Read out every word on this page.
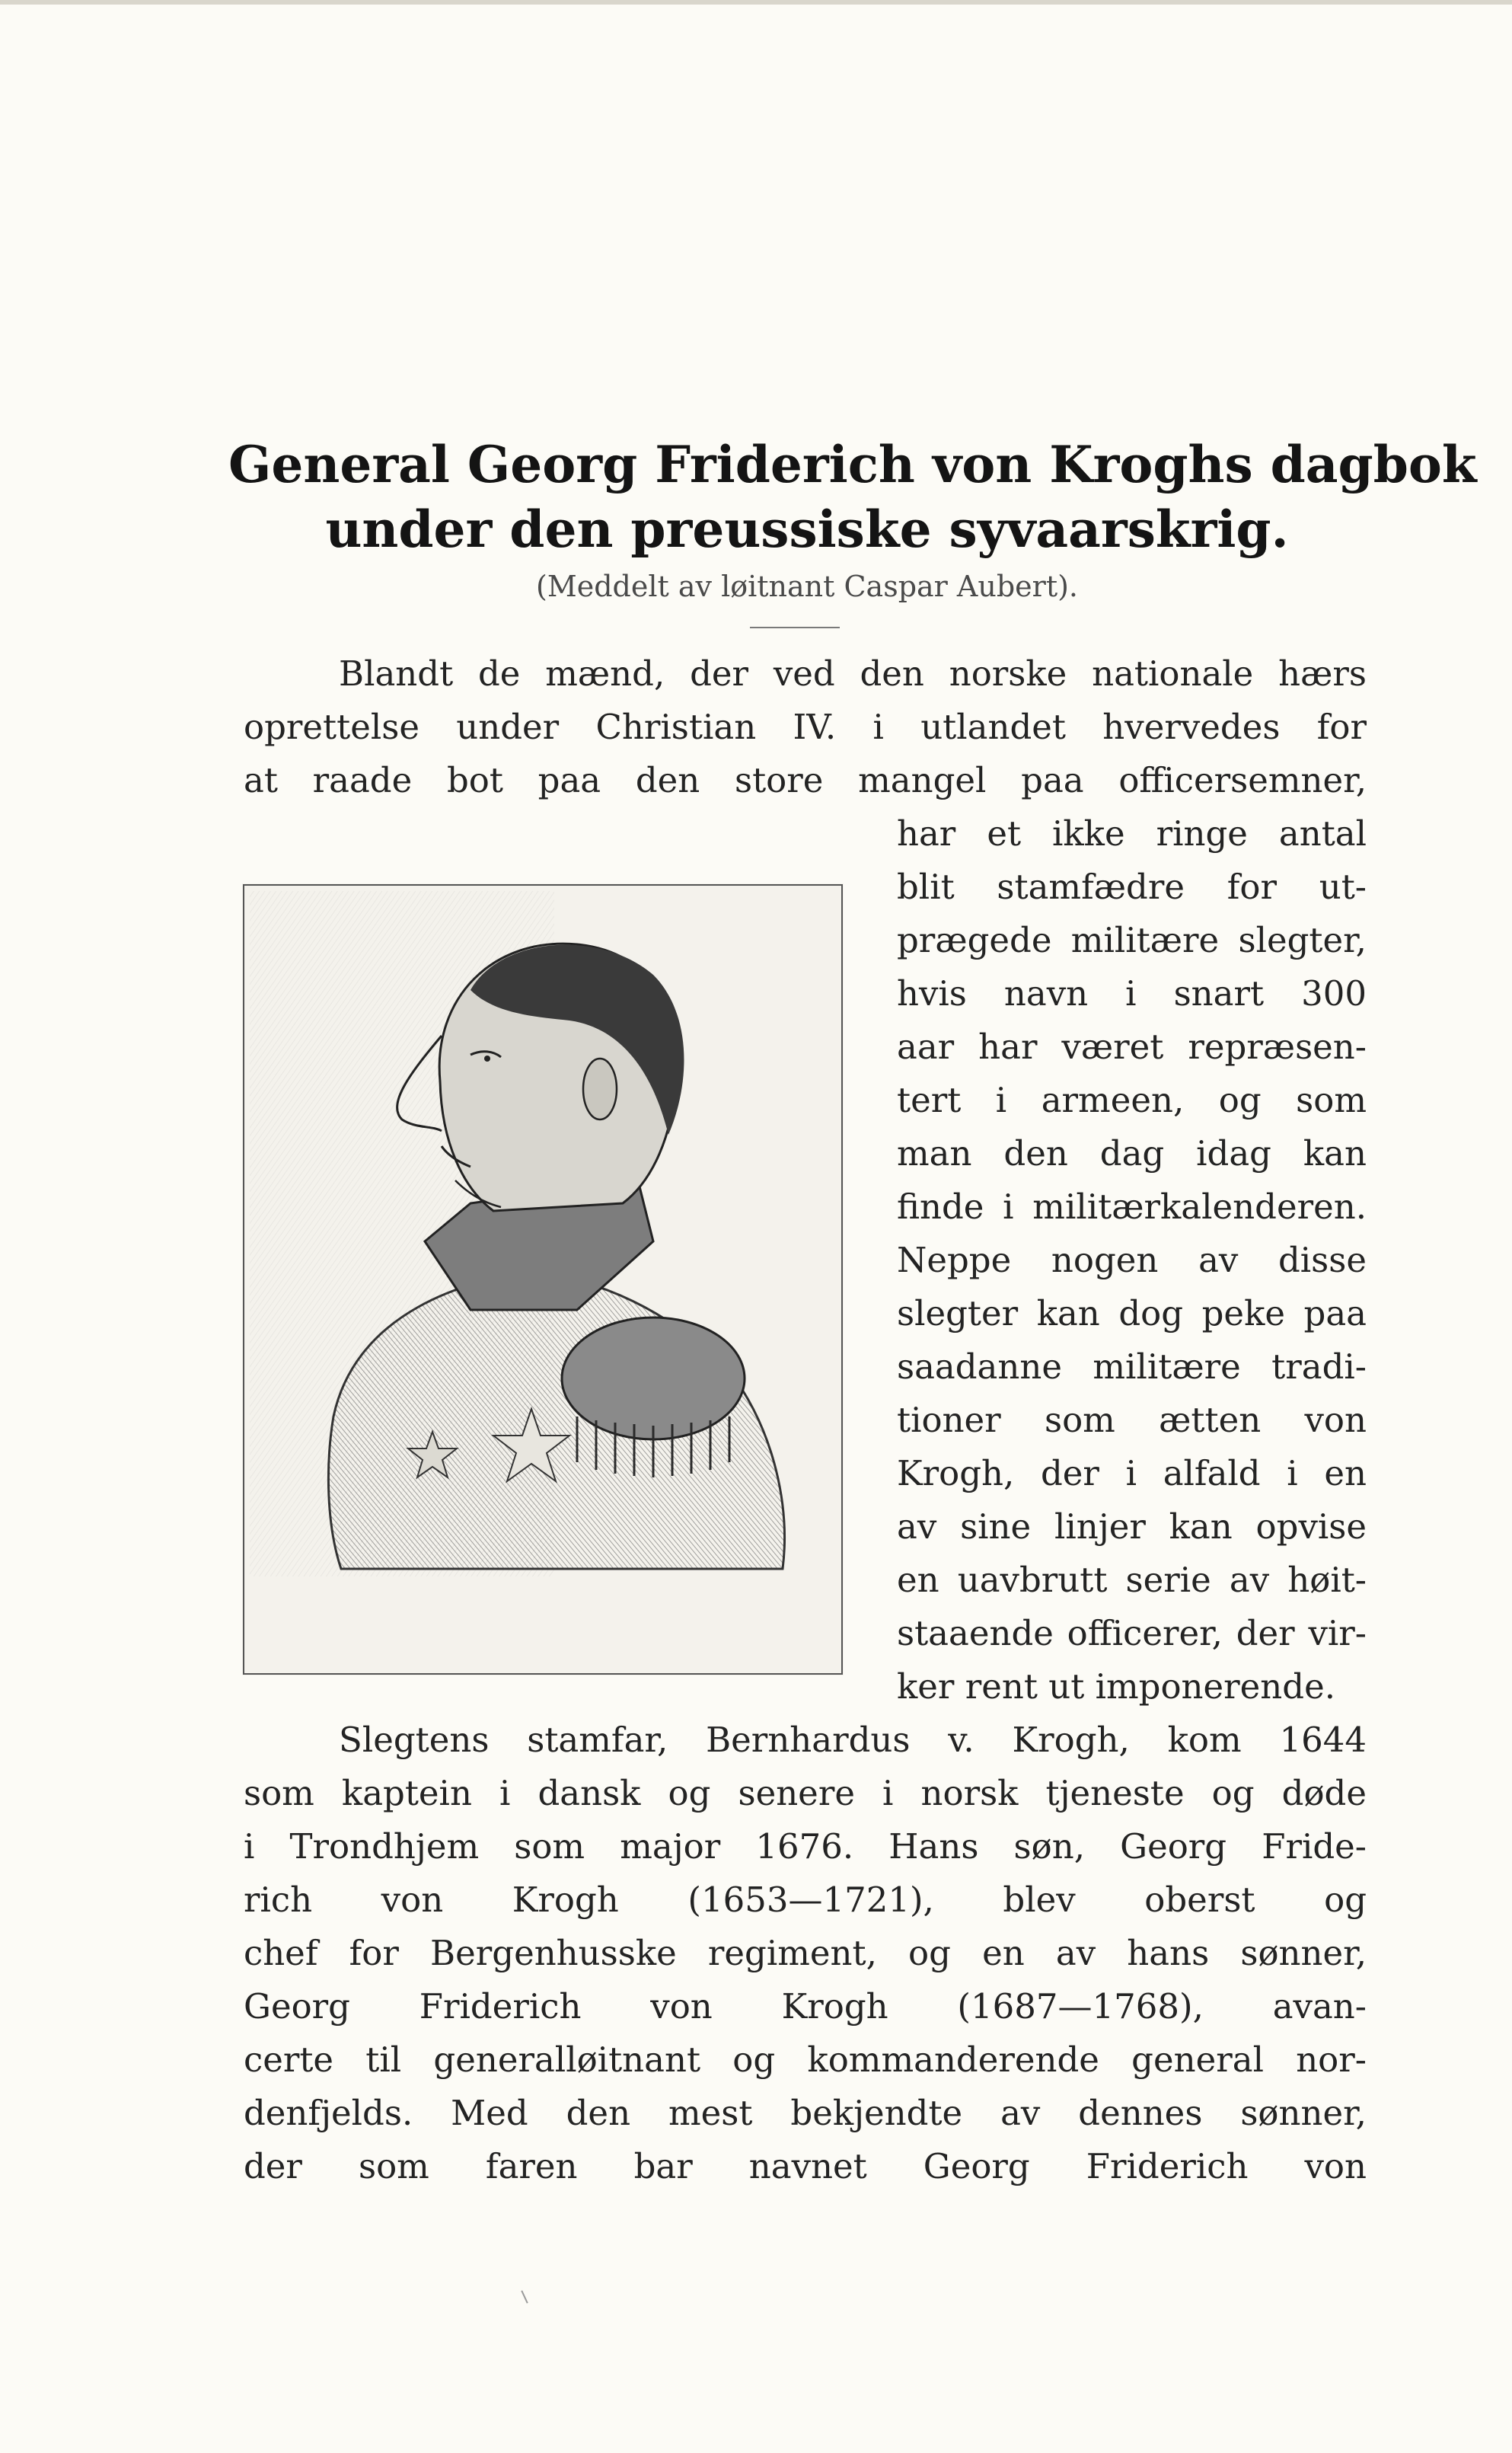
General Georg Friderich von Kroghs dagbok
under den preussiske syvaarskrig.
(Meddelt av løitnant Caspar Aubert).
Blandt de mænd, der ved den norske nationale hærs
oprettelse under Christian IV. i utlandet hvervedes for
at raade bot paa den store mangel paa officersemner,
har et ikke ringe antal
blit stamfædre for ut-
prægede militære slegter,
hvis navn i snart 300
aar har været repræsen-
tert i armeen, og som
man den dag idag kan
finde i militærkalenderen.
Neppe nogen av disse
slegter kan dog peke paa
saadanne militære tradi-
tioner som ætten von
Krogh, der i alfald i en
av sine linjer kan opvise
en uavbrutt serie av høit-
staaende officerer, der vir-
ker rent ut imponerende.
Slegtens stamfar, Bernhardus v. Krogh, kom 1644
som kaptein i dansk og senere i norsk tjeneste og døde
i Trondhjem som major 1676. Hans søn, Georg Fride-
rich von Krogh (1653—1721), blev oberst og
chef for Bergenhusske regiment, og en av hans sønner,
Georg Friderich von Krogh (1687—1768), avan-
certe til generalløitnant og kommanderende general nor-
denfjelds. Med den mest bekjendte av dennes sønner,
der som faren bar navnet Georg Friderich von
